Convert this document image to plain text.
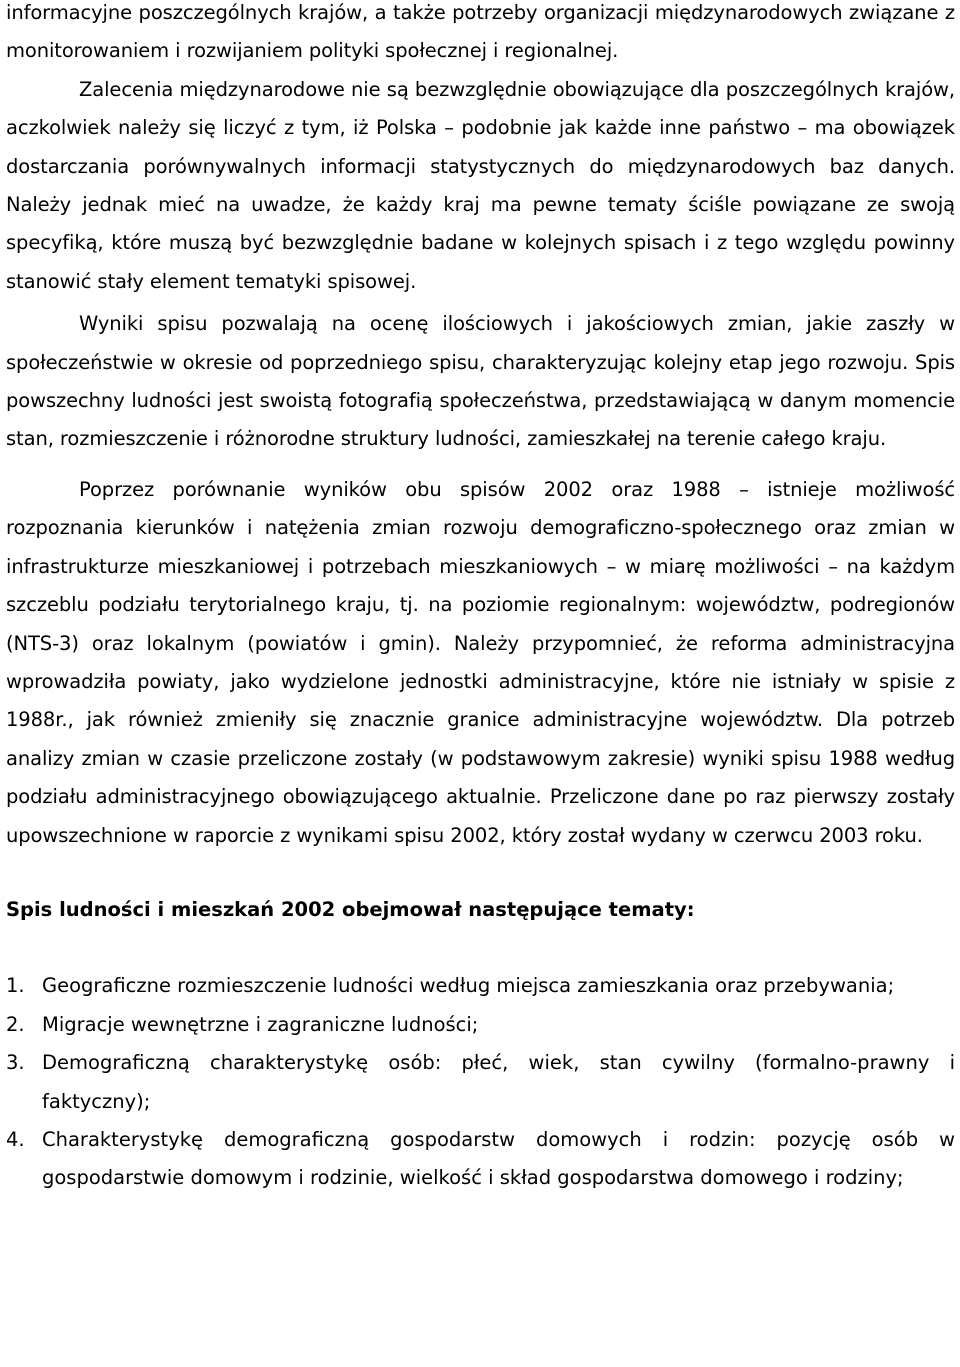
informacyjne poszczególnych krajów, a także potrzeby organizacji międzynarodowych związane z monitorowaniem i rozwijaniem polityki społecznej i regionalnej.

Zalecenia międzynarodowe nie są bezwzględnie obowiązujące dla poszczególnych krajów, aczkolwiek należy się liczyć z tym, iż Polska – podobnie jak każde inne państwo – ma obowiązek dostarczania porównywalnych informacji statystycznych do międzynarodowych baz danych. Należy jednak mieć na uwadze, że każdy kraj ma pewne tematy ściśle powiązane ze swoją specyfiką, które muszą być bezwzględnie badane w kolejnych spisach i z tego względu powinny stanowić stały element tematyki spisowej.

Wyniki spisu pozwalają na ocenę ilościowych i jakościowych zmian, jakie zaszły w społeczeństwie w okresie od poprzedniego spisu, charakteryzując kolejny etap jego rozwoju. Spis powszechny ludności jest swoistą fotografią społeczeństwa, przedstawiającą w danym momencie stan, rozmieszczenie i różnorodne struktury ludności, zamieszkałej na terenie całego kraju.

Poprzez porównanie wyników obu spisów 2002 oraz 1988 – istnieje możliwość rozpoznania kierunków i natężenia zmian rozwoju demograficzno-społecznego oraz zmian w infrastrukturze mieszkaniowej i potrzebach mieszkaniowych – w miarę możliwości – na każdym szczeblu podziału terytorialnego kraju, tj. na poziomie regionalnym: województw, podregionów (NTS-3) oraz lokalnym (powiatów i gmin). Należy przypomnieć, że reforma administracyjna wprowadziła powiaty, jako wydzielone jednostki administracyjne, które nie istniały w spisie z 1988r., jak również zmieniły się znacznie granice administracyjne województw. Dla potrzeb analizy zmian w czasie przeliczone zostały (w podstawowym zakresie) wyniki spisu 1988 według podziału administracyjnego obowiązującego aktualnie. Przeliczone dane po raz pierwszy zostały upowszechnione w raporcie z wynikami spisu 2002, który został wydany w czerwcu 2003 roku.

Spis ludności i mieszkań 2002 obejmował następujące tematy:
1. Geograficzne rozmieszczenie ludności według miejsca zamieszkania oraz przebywania;
2. Migracje wewnętrzne i zagraniczne ludności;
3. Demograficzną charakterystykę osób: płeć, wiek, stan cywilny (formalno-prawny i faktyczny);
4. Charakterystykę demograficzną gospodarstw domowych i rodzin: pozycję osób w gospodarstwie domowym i rodzinie, wielkość i skład gospodarstwa domowego i rodziny;
